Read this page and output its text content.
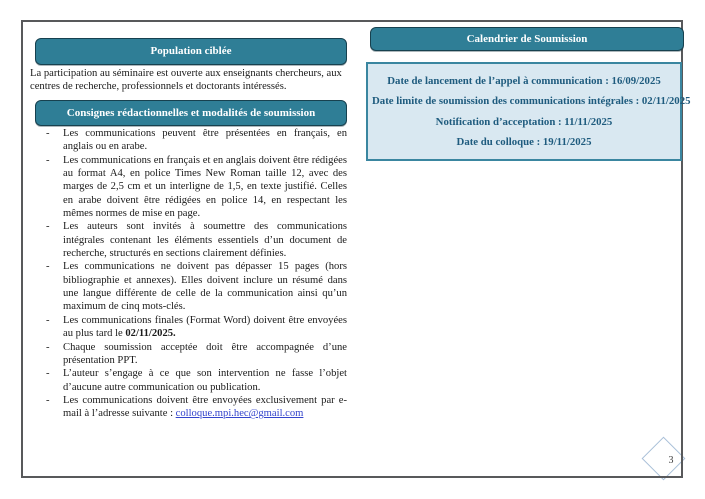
Population ciblée
La participation au séminaire est ouverte aux enseignants chercheurs, aux centres de recherche, professionnels et doctorants intéressés.
Consignes rédactionnelles et modalités de soumission
-	Les communications peuvent être présentées en français, en anglais ou en arabe.
-	Les communications en français et en anglais doivent être rédigées au format A4, en police Times New Roman taille 12, avec des marges de 2,5 cm et un interligne de 1,5, en texte justifié. Celles en arabe doivent être rédigées en police 14, en respectant les mêmes normes de mise en page.
-	Les auteurs sont invités à soumettre des communications intégrales contenant les éléments essentiels d’un document de recherche, structurés en sections clairement définies.
-	Les communications ne doivent pas dépasser 15 pages (hors bibliographie et annexes). Elles doivent inclure un résumé dans une langue différente de celle de la communication ainsi qu’un maximum de cinq mots-clés.
-	Les communications finales (Format Word) doivent être envoyées au plus tard le 02/11/2025.
-	Chaque soumission acceptée doit être accompagnée d’une présentation PPT.
-	L’auteur s’engage à ce que son intervention ne fasse l’objet d’aucune autre communication ou publication.
-	Les communications doivent être envoyées exclusivement par e-mail à l’adresse suivante : colloque.mpi.hec@gmail.com
Calendrier de Soumission
Date de lancement de l’appel à communication : 16/09/2025
Date limite de soumission des communications intégrales : 02/11/2025
Notification d’acceptation : 11/11/2025
Date du colloque : 19/11/2025
3
